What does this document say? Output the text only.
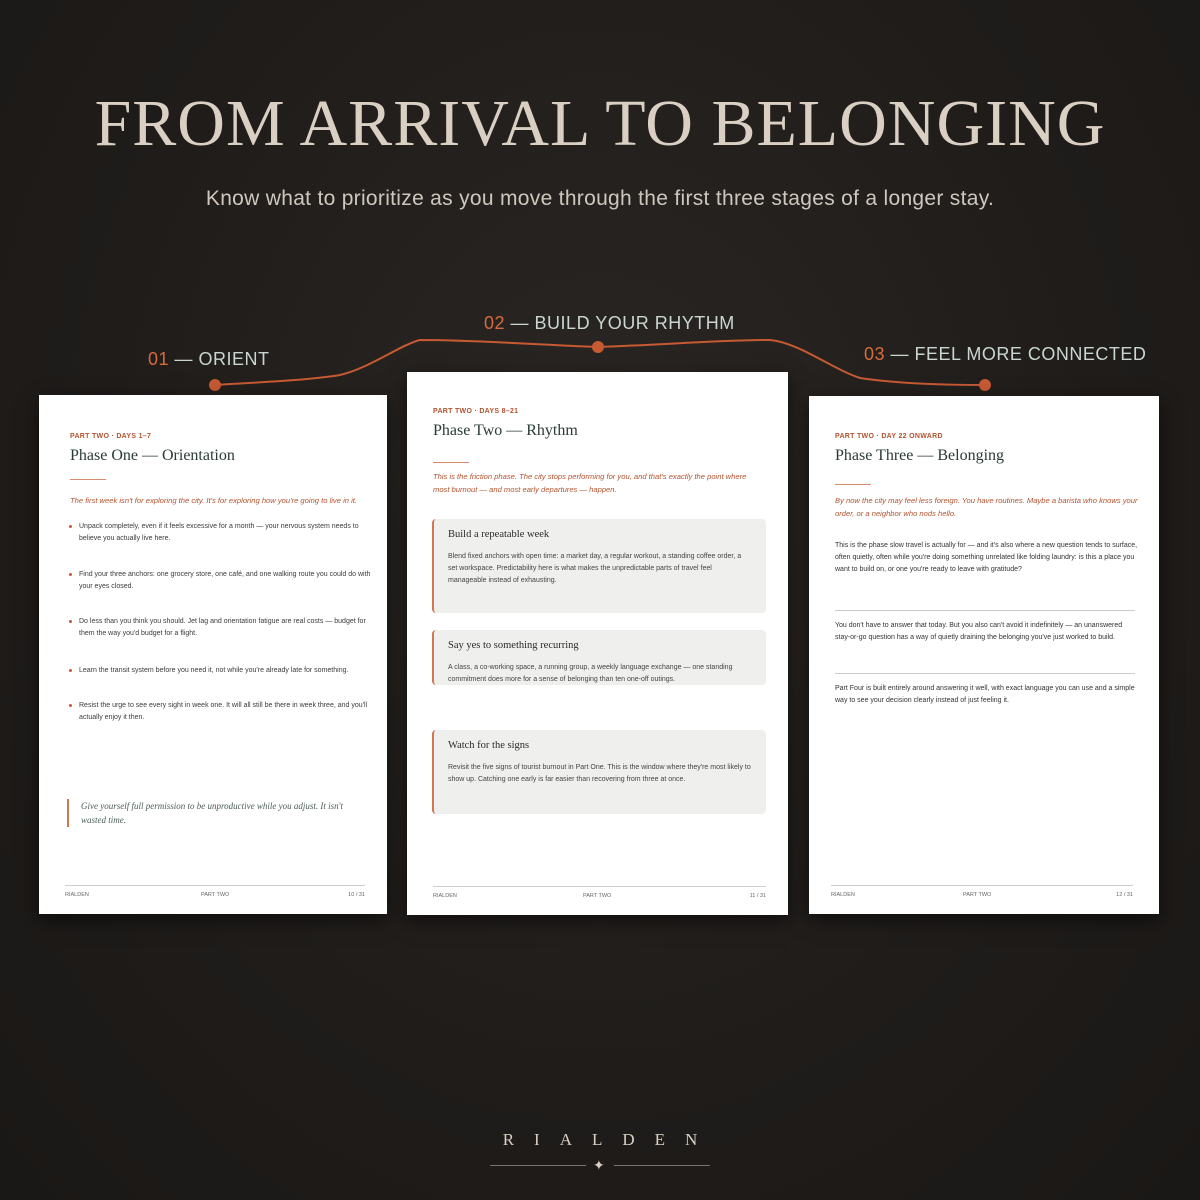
FROM ARRIVAL TO BELONGING

Know what to prioritize as you move through the first three stages of a longer stay.

01 — ORIENT
02 — BUILD YOUR RHYTHM
03 — FEEL MORE CONNECTED
PART TWO · DAYS 1–7
Phase One — Orientation
The first week isn't for exploring the city. It's for exploring how you're going to live in it.
Unpack completely, even if it feels excessive for a month — your nervous system needs to believe you actually live here.
Find your three anchors: one grocery store, one café, and one walking route you could do with your eyes closed.
Do less than you think you should. Jet lag and orientation fatigue are real costs — budget for them the way you'd budget for a flight.
Learn the transit system before you need it, not while you're already late for something.
Resist the urge to see every sight in week one. It will all still be there in week three, and you'll actually enjoy it then.
Give yourself full permission to be unproductive while you adjust. It isn't wasted time.
RIALDEN	PART TWO	10 / 31
PART TWO · DAYS 8–21
Phase Two — Rhythm
This is the friction phase. The city stops performing for you, and that's exactly the point where most burnout — and most early departures — happen.
Build a repeatable week
Blend fixed anchors with open time: a market day, a regular workout, a standing coffee order, a set workspace. Predictability here is what makes the unpredictable parts of travel feel manageable instead of exhausting.
Say yes to something recurring
A class, a co-working space, a running group, a weekly language exchange — one standing commitment does more for a sense of belonging than ten one-off outings.
Watch for the signs
Revisit the five signs of tourist burnout in Part One. This is the window where they're most likely to show up. Catching one early is far easier than recovering from three at once.
RIALDEN	PART TWO	11 / 31
PART TWO · DAY 22 ONWARD
Phase Three — Belonging
By now the city may feel less foreign. You have routines. Maybe a barista who knows your order, or a neighbor who nods hello.
This is the phase slow travel is actually for — and it's also where a new question tends to surface, often quietly, often while you're doing something unrelated like folding laundry: is this a place you want to build on, or one you're ready to leave with gratitude?
You don't have to answer that today. But you also can't avoid it indefinitely — an unanswered stay-or-go question has a way of quietly draining the belonging you've just worked to build.
Part Four is built entirely around answering it well, with exact language you can use and a simple way to see your decision clearly instead of just feeling it.
RIALDEN	PART TWO	12 / 31
RIALDEN
✦
